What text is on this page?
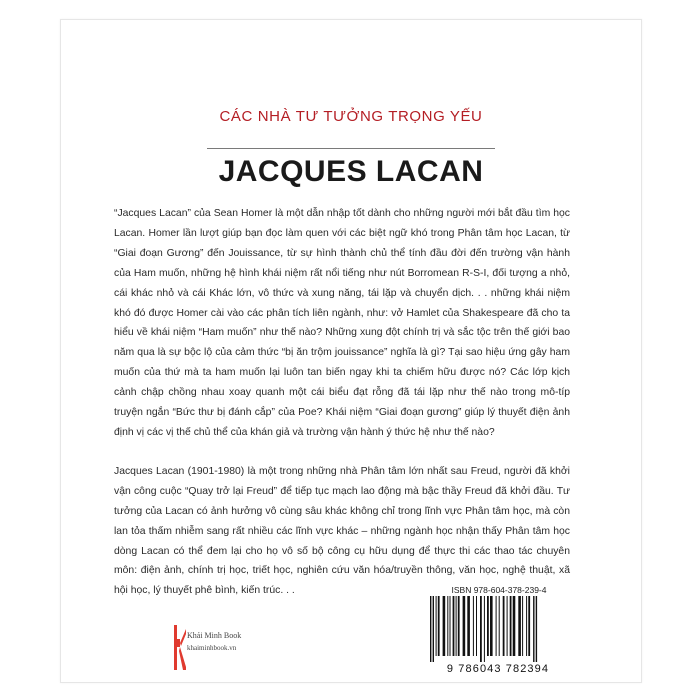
CÁC NHÀ TƯ TƯỞNG TRỌNG YẾU
JACQUES LACAN

“Jacques Lacan” của Sean Homer là một dẫn nhập tốt dành cho những người mới bắt đầu tìm học Lacan. Homer lần lượt giúp bạn đọc làm quen với các biệt ngữ khó trong Phân tâm học Lacan, từ “Giai đoạn Gương” đến Jouissance, từ sự hình thành chủ thể tính đầu đời đến trường vận hành của Ham muốn, những hệ hình khái niệm rất nổi tiếng như nút Borromean R-S-I, đối tượng a nhỏ, cái khác nhỏ và cái Khác lớn, vô thức và xung năng, tái lặp và chuyển dịch. . . những khái niệm khó đó được Homer cài vào các phân tích liên ngành, như: vở Hamlet của Shakespeare đã cho ta hiểu về khái niệm “Ham muốn” như thế nào? Những xung đột chính trị và sắc tộc trên thế giới bao năm qua là sự bộc lộ của cảm thức “bị ăn trộm jouissance” nghĩa là gì? Tại sao hiệu ứng gây ham muốn của thứ mà ta ham muốn lại luôn tan biến ngay khi ta chiếm hữu được nó? Các lớp kịch cảnh chập chồng nhau xoay quanh một cái biểu đạt rỗng đã tái lặp như thế nào trong mô-típ truyện ngắn “Bức thư bị đánh cắp” của Poe? Khái niệm “Giai đoạn gương” giúp lý thuyết điện ảnh định vị các vị thế chủ thể của khán giả và trường vận hành ý thức hệ như thế nào?

Jacques Lacan (1901-1980) là một trong những nhà Phân tâm lớn nhất sau Freud, người đã khởi vận công cuộc “Quay trở lại Freud” để tiếp tục mạch lao động mà bậc thầy Freud đã khởi đầu. Tư tưởng của Lacan có ảnh hưởng vô cùng sâu khác không chỉ trong lĩnh vực Phân tâm học, mà còn lan tỏa thấm nhiễm sang rất nhiều các lĩnh vực khác – những ngành học nhận thấy Phân tâm học dòng Lacan có thể đem lại cho họ vô số bộ công cụ hữu dụng để thực thi các thao tác chuyên môn: điện ảnh, chính trị học, triết học, nghiên cứu văn hóa/truyền thông, văn học, nghệ thuật, xã hội học, lý thuyết phê bình, kiến trúc. . .

Khải Minh Book
khaiminhbook.vn
ISBN 978-604-378-239-4
9 786043 782394
